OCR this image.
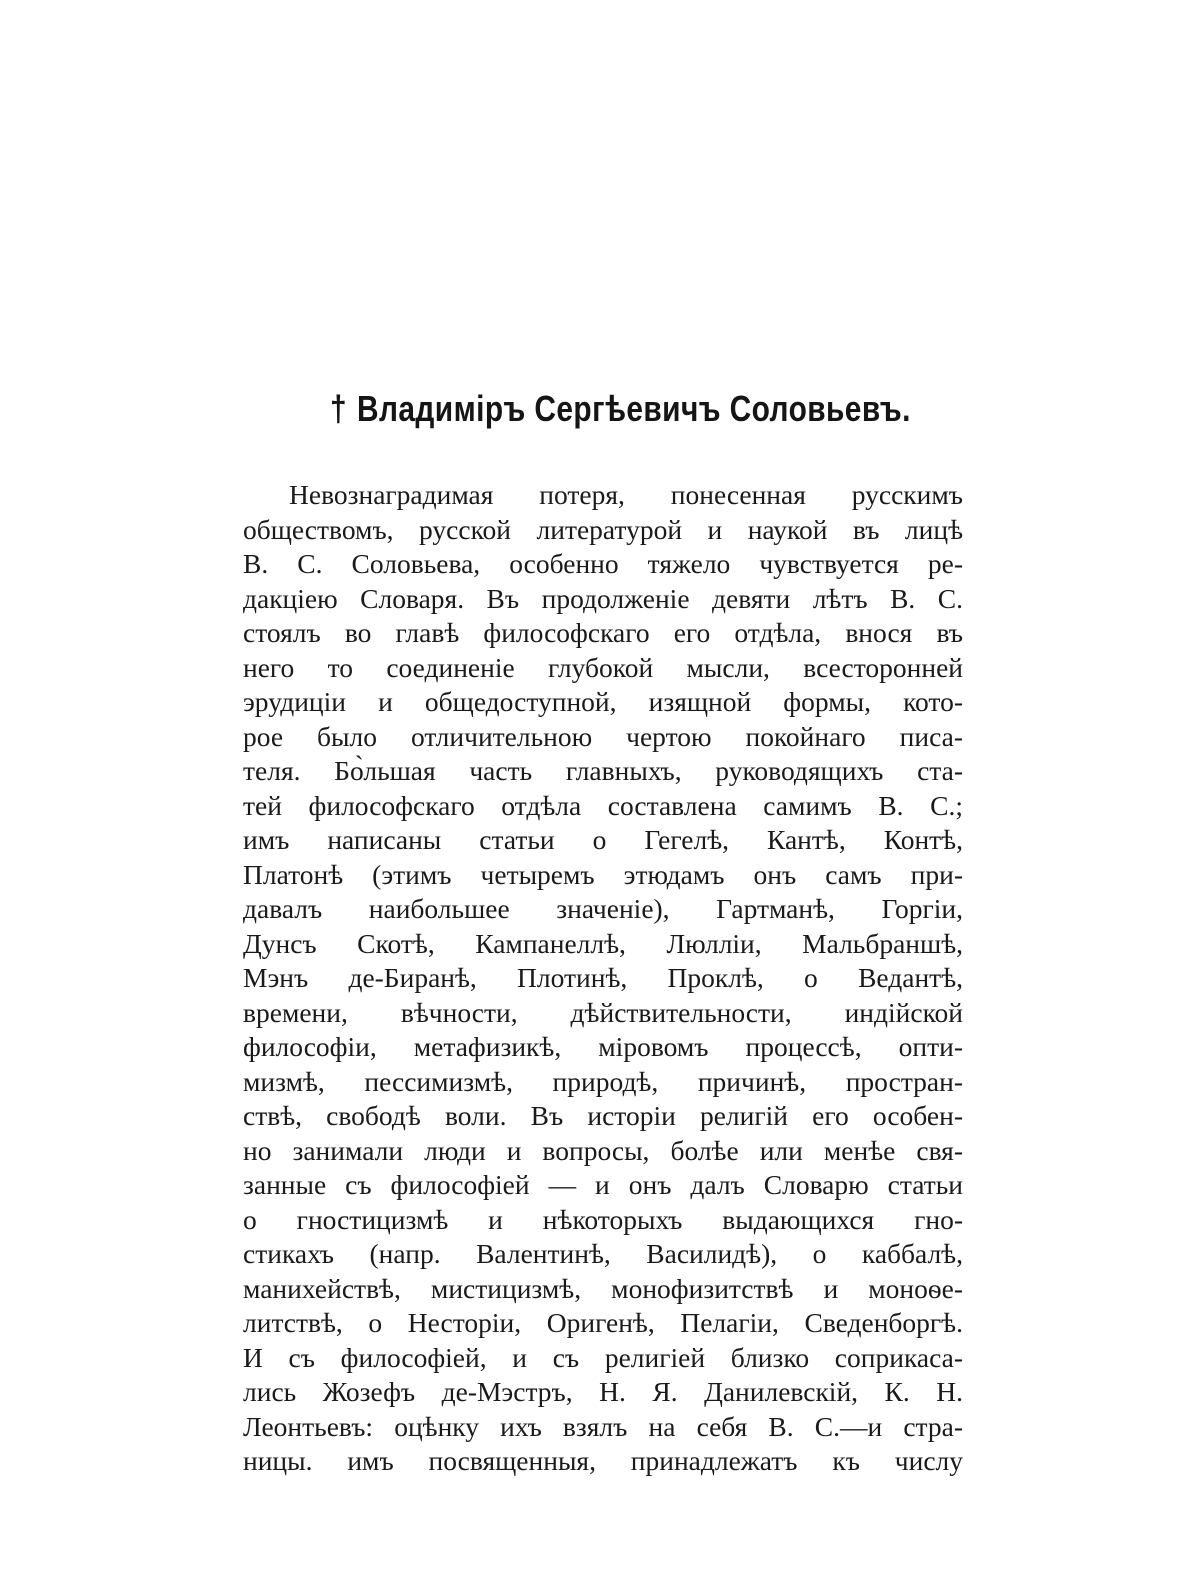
† Владимiръ Сергѣевичъ Соловьевъ.
Невознаградимая потеря, понесенная русскимъ
обществомъ, русской литературой и наукой въ лицѣ
В. С. Соловьева, особенно тяжело чувствуется ре-
дакцiею Словаря. Въ продолженiе девяти лѣтъ В. С.
стоялъ во главѣ философскаго его отдѣла, внося въ
него то соединенiе глубокой мысли, всесторонней
эрудицiи и общедоступной, изящной формы, кото-
рое было отличительною чертою покойнаго писа-
теля. Бо̀льшая часть главныхъ, руководящихъ ста-
тей философскаго отдѣла составлена самимъ В. С.;
имъ написаны статьи о Гегелѣ, Кантѣ, Контѣ,
Платонѣ (этимъ четыремъ этюдамъ онъ самъ при-
давалъ наибольшее значенiе), Гартманѣ, Горгiи,
Дунсъ Скотѣ, Кампанеллѣ, Люллiи, Мальбраншѣ,
Мэнъ де-Биранѣ, Плотинѣ, Проклѣ, о Ведантѣ,
времени, вѣчности, дѣйствительности, индiйской
философiи, метафизикѣ, мiровомъ процессѣ, опти-
мизмѣ, пессимизмѣ, природѣ, причинѣ, простран-
ствѣ, свободѣ воли. Въ исторiи религiй его особен-
но занимали люди и вопросы, болѣе или менѣе свя-
занные съ философiей — и онъ далъ Словарю статьи
о гностицизмѣ и нѣкоторыхъ выдающихся гно-
стикахъ (напр. Валентинѣ, Василидѣ), о каббалѣ,
манихействѣ, мистицизмѣ, монофизитствѣ и моноѳе-
литствѣ, о Несторiи, Оригенѣ, Пелагiи, Сведенборгѣ.
И съ философiей, и съ религiей близко соприкаса-
лись Жозефъ де-Мэстръ, Н. Я. Данилевскiй, К. Н.
Леонтьевъ: оцѣнку ихъ взялъ на себя В. С.—и стра-
ницы. имъ посвященныя, принадлежатъ къ числу
